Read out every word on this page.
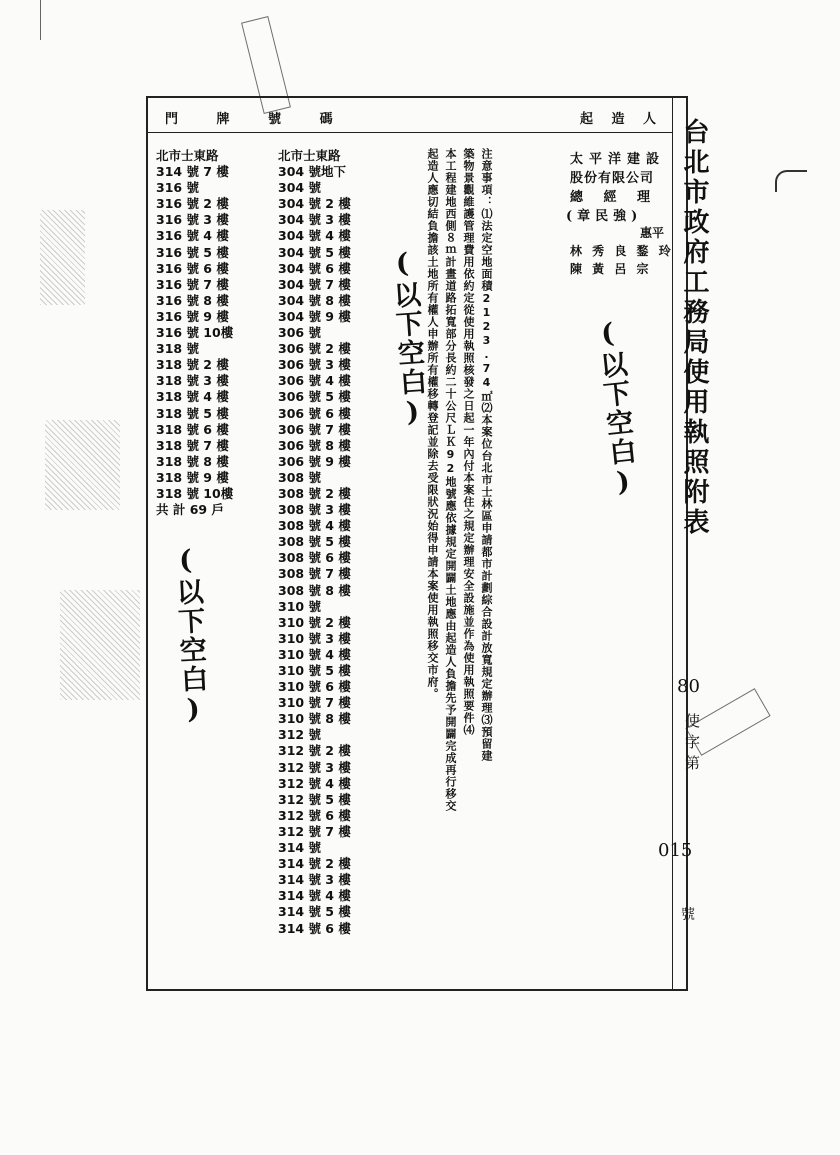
門 牌 號 碼	起 造 人 台北市政府工務局使用執照附表
80
使字第
015
號
太平洋建設
股份有限公司
總 經 理
(章民強)
惠平
林 秀 良 鍪 玲
陳 黃 呂 宗
注意事項：⑴法定空地面積2123.74㎡⑵本案位台北市士林區申請都市計劃綜合設計放寬規定辦理⑶預留建
築物景觀維護管理費用依約定從使用執照核發之日起一年內付本案住之規定辦理安全設施並作為使用執照要件⑷
本工程建地西側８ｍ計畫道路拓寬部分長約二十公尺ＬＫ92地號應依據規定開闢土地應由起造人負擔先予開闢完成再行移交
起造人應切結負擔該土地所有權人申辦所有權移轉登記並除去受限狀況始得申請本案使用執照移交市府。
(以下空白)	(以下空白)
(以下空白)
北市士東路
314 號 7 樓
316 號
316 號 2 樓
316 號 3 樓
316 號 4 樓
316 號 5 樓
316 號 6 樓
316 號 7 樓
316 號 8 樓
316 號 9 樓
316 號 10樓
318 號
318 號 2 樓
318 號 3 樓
318 號 4 樓
318 號 5 樓
318 號 6 樓
318 號 7 樓
318 號 8 樓
318 號 9 樓
318 號 10樓
共 計 69 戶
北市士東路
304 號地下
304 號
304 號 2 樓
304 號 3 樓
304 號 4 樓
304 號 5 樓
304 號 6 樓
304 號 7 樓
304 號 8 樓
304 號 9 樓
306 號
306 號 2 樓
306 號 3 樓
306 號 4 樓
306 號 5 樓
306 號 6 樓
306 號 7 樓
306 號 8 樓
306 號 9 樓
308 號
308 號 2 樓
308 號 3 樓
308 號 4 樓
308 號 5 樓
308 號 6 樓
308 號 7 樓
308 號 8 樓
310 號
310 號 2 樓
310 號 3 樓
310 號 4 樓
310 號 5 樓
310 號 6 樓
310 號 7 樓
310 號 8 樓
312 號
312 號 2 樓
312 號 3 樓
312 號 4 樓
312 號 5 樓
312 號 6 樓
312 號 7 樓
314 號
314 號 2 樓
314 號 3 樓
314 號 4 樓
314 號 5 樓
314 號 6 樓
